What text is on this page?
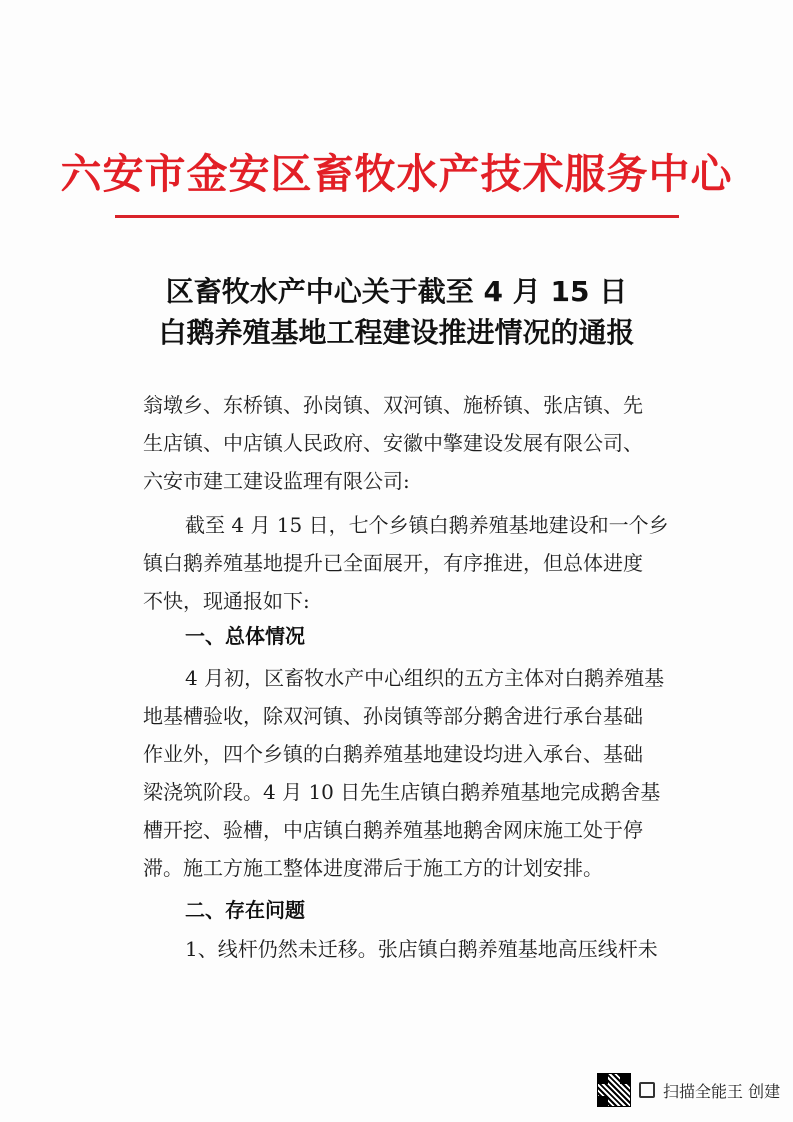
六安市金安区畜牧水产技术服务中心
区畜牧水产中心关于截至 4 月 15 日
白鹅养殖基地工程建设推进情况的通报
翁墩乡、东桥镇、孙岗镇、双河镇、施桥镇、张店镇、先
生店镇、中店镇人民政府、安徽中擎建设发展有限公司、
六安市建工建设监理有限公司:
截至 4 月 15 日，七个乡镇白鹅养殖基地建设和一个乡
镇白鹅养殖基地提升已全面展开，有序推进，但总体进度
不快，现通报如下:
一、总体情况
4 月初，区畜牧水产中心组织的五方主体对白鹅养殖基
地基槽验收，除双河镇、孙岗镇等部分鹅舍进行承台基础
作业外，四个乡镇的白鹅养殖基地建设均进入承台、基础
梁浇筑阶段。4 月 10 日先生店镇白鹅养殖基地完成鹅舍基
槽开挖、验槽，中店镇白鹅养殖基地鹅舍网床施工处于停
滞。施工方施工整体进度滞后于施工方的计划安排。
二、存在问题
1、线杆仍然未迁移。张店镇白鹅养殖基地高压线杆未
扫描全能王 创建
